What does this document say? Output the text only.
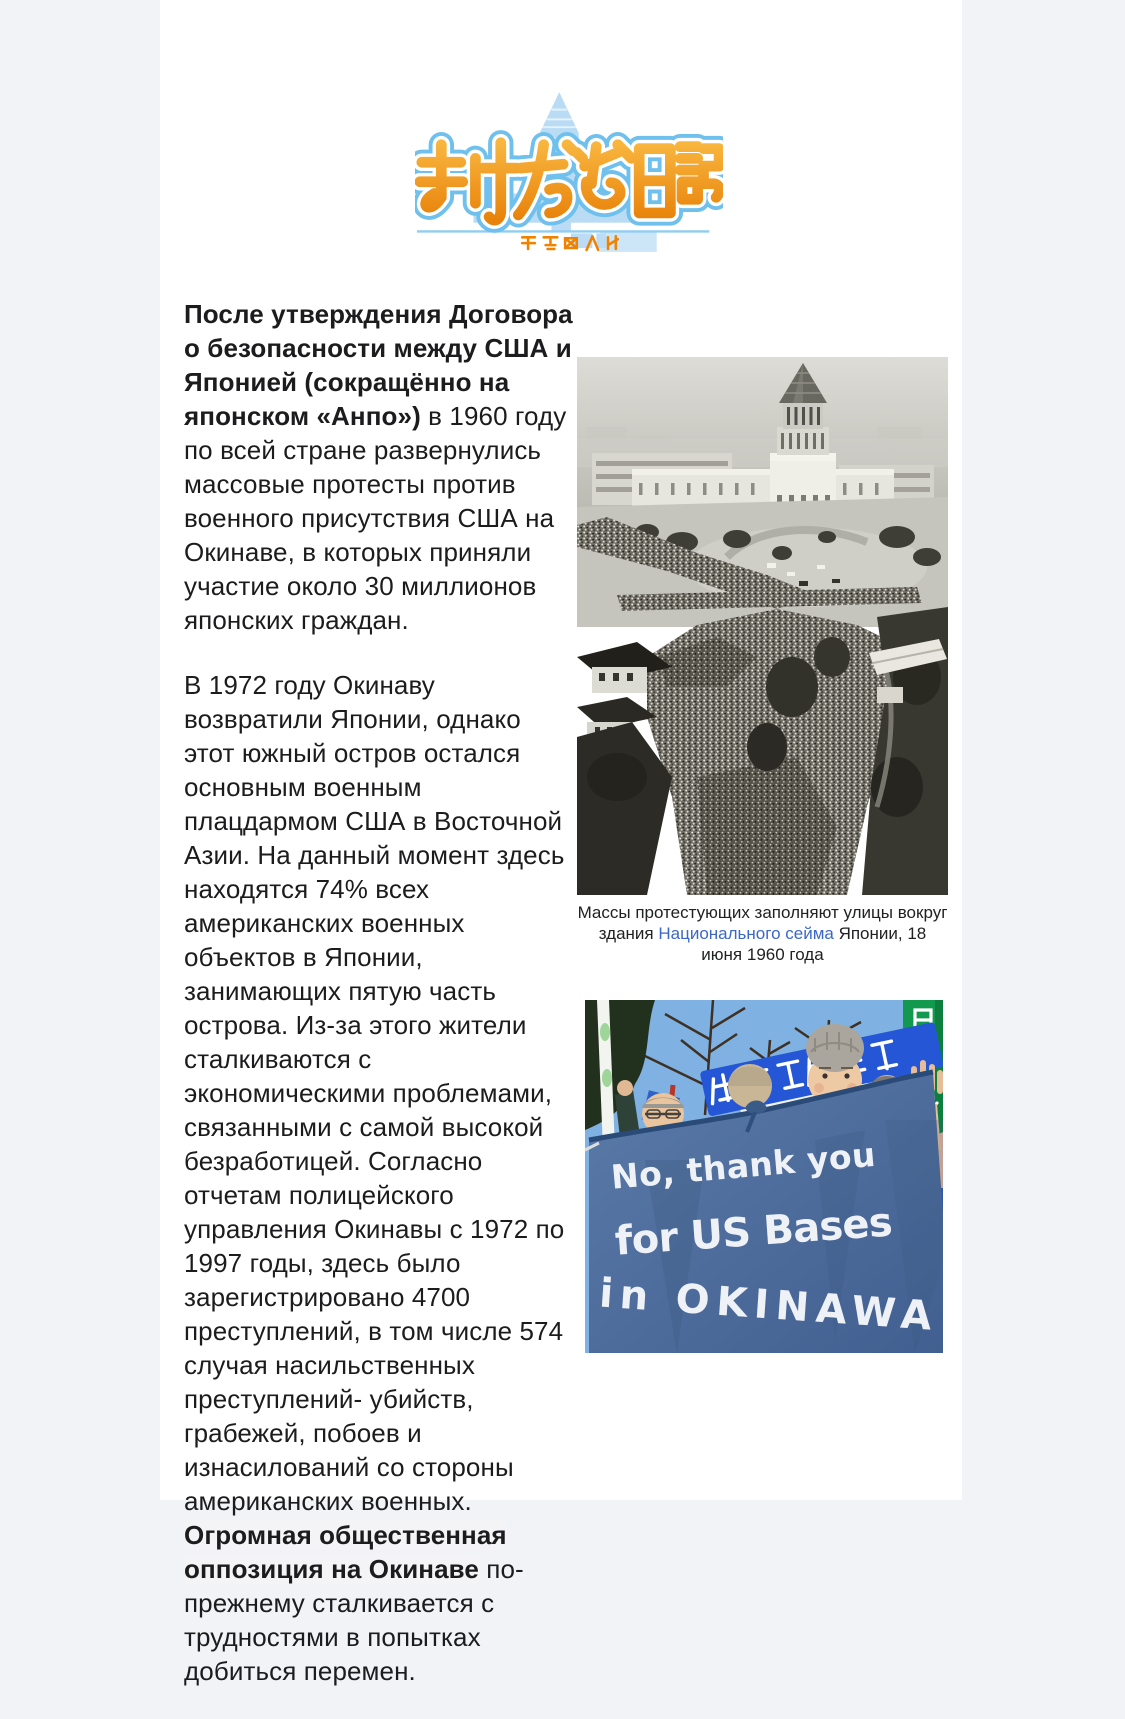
После утверждения Договора о безопасности между США и Японией (сокращённо на японском «Анпо») в 1960 году по всей стране развернулись массовые протесты против военного присутствия США на Окинаве, в которых приняли участие около 30 миллионов японских граждан.

В 1972 году Окинаву возвратили Японии, однако этот южный остров остался основным военным плацдармом США в Восточной Азии. На данный момент здесь находятся 74% всех американских военных объектов в Японии, занимающих пятую часть острова. Из-за этого жители сталкиваются с экономическими проблемами, связанными с самой высокой безработицей. Согласно отчетам полицейского управления Окинавы с 1972 по 1997 годы, здесь было зарегистрировано 4700 преступлений, в том числе 574 случая насильственных преступлений- убийств, грабежей, побоев и изнасилований со стороны американских военных. Огромная общественная оппозиция на Окинаве по-прежнему сталкивается с трудностями в попытках добиться перемен.

Массы протестующих заполняют улицы вокруг здания Национального сейма Японии, 18 июня 1960 года
No, thank you
for US Bases
in OKINAWA
